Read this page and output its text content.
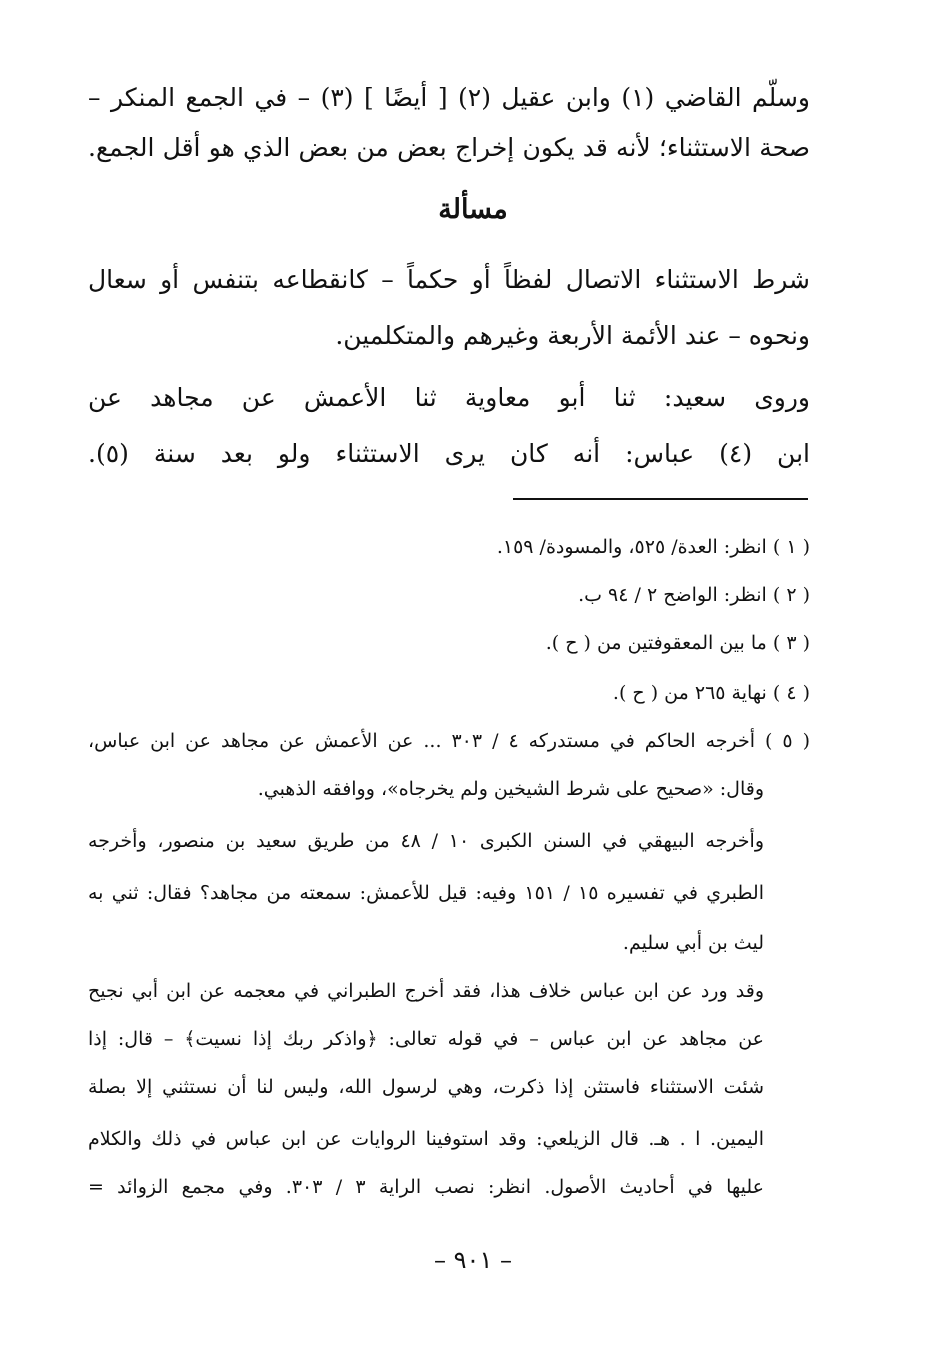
وسلّم القاضي (١) وابن عقيل (٢) [ أيضًا ] (٣) – في الجمع المنكر –
صحة الاستثناء؛ لأنه قد يكون إخراج بعض من بعض الذي هو أقل الجمع.
مسألة
شرط الاستثناء الاتصال لفظاً أو حكماً – كانقطاعه بتنفس أو سعال
ونحوه – عند الأئمة الأربعة وغيرهم والمتكلمين.
وروى سعيد: ثنا أبو معاوية ثنا الأعمش عن مجاهد عن
ابن (٤) عباس: أنه كان يرى الاستثناء ولو بعد سنة (٥).
( ١ ) انظر: العدة/ ٥٢٥، والمسودة/ ١٥٩.
( ٢ ) انظر: الواضح ٢ / ٩٤ ب.
( ٣ ) ما بين المعقوفتين من ( ح ).
( ٤ ) نهاية ٢٦٥ من ( ح ).
( ٥ ) أخرجه الحاكم في مستدركه ٤ / ٣٠٣ ... عن الأعمش عن مجاهد عن ابن عباس،
وقال: «صحيح على شرط الشيخين ولم يخرجاه»، ووافقه الذهبي.
وأخرجه البيهقي في السنن الكبرى ١٠ / ٤٨ من طريق سعيد بن منصور، وأخرجه
الطبري في تفسيره ١٥ / ١٥١ وفيه: قيل للأعمش: سمعته من مجاهد؟ فقال: ثني به
ليث بن أبي سليم.
وقد ورد عن ابن عباس خلاف هذا، فقد أخرج الطبراني في معجمه عن ابن أبي نجيح
عن مجاهد عن ابن عباس – في قوله تعالى: ﴿واذكر ربك إذا نسيت﴾ – قال: إذا
شئت الاستثناء فاستثن إذا ذكرت، وهي لرسول الله، وليس لنا أن نستثني إلا بصلة
اليمين. ا . هـ. قال الزيلعي: وقد استوفينا الروايات عن ابن عباس في ذلك والكلام
عليها في أحاديث الأصول. انظر: نصب الراية ٣ / ٣٠٣. وفي مجمع الزوائد =
– ٩٠١ –
